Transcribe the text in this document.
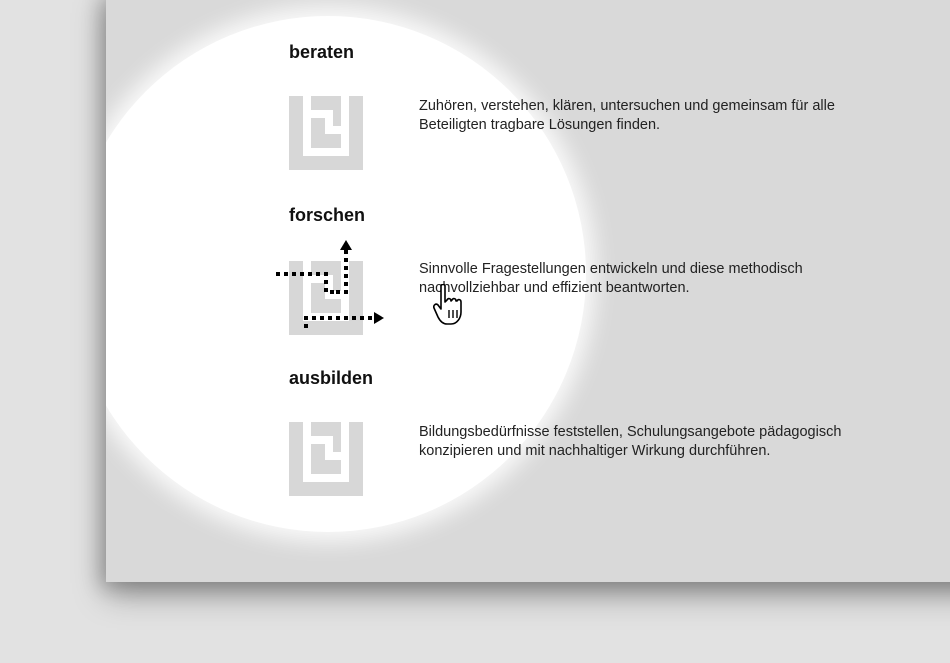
beraten

Zuhören, verstehen, klären, untersuchen und gemeinsam für alle Beteiligten tragbare Lösungen finden.

forschen

Sinnvolle Fragestellungen entwickeln und diese methodisch nachvollziehbar und effizient beantworten.

ausbilden

Bildungsbedürfnisse feststellen, Schulungsangebote pädagogisch konzipieren und mit nachhaltiger Wirkung durchführen.
